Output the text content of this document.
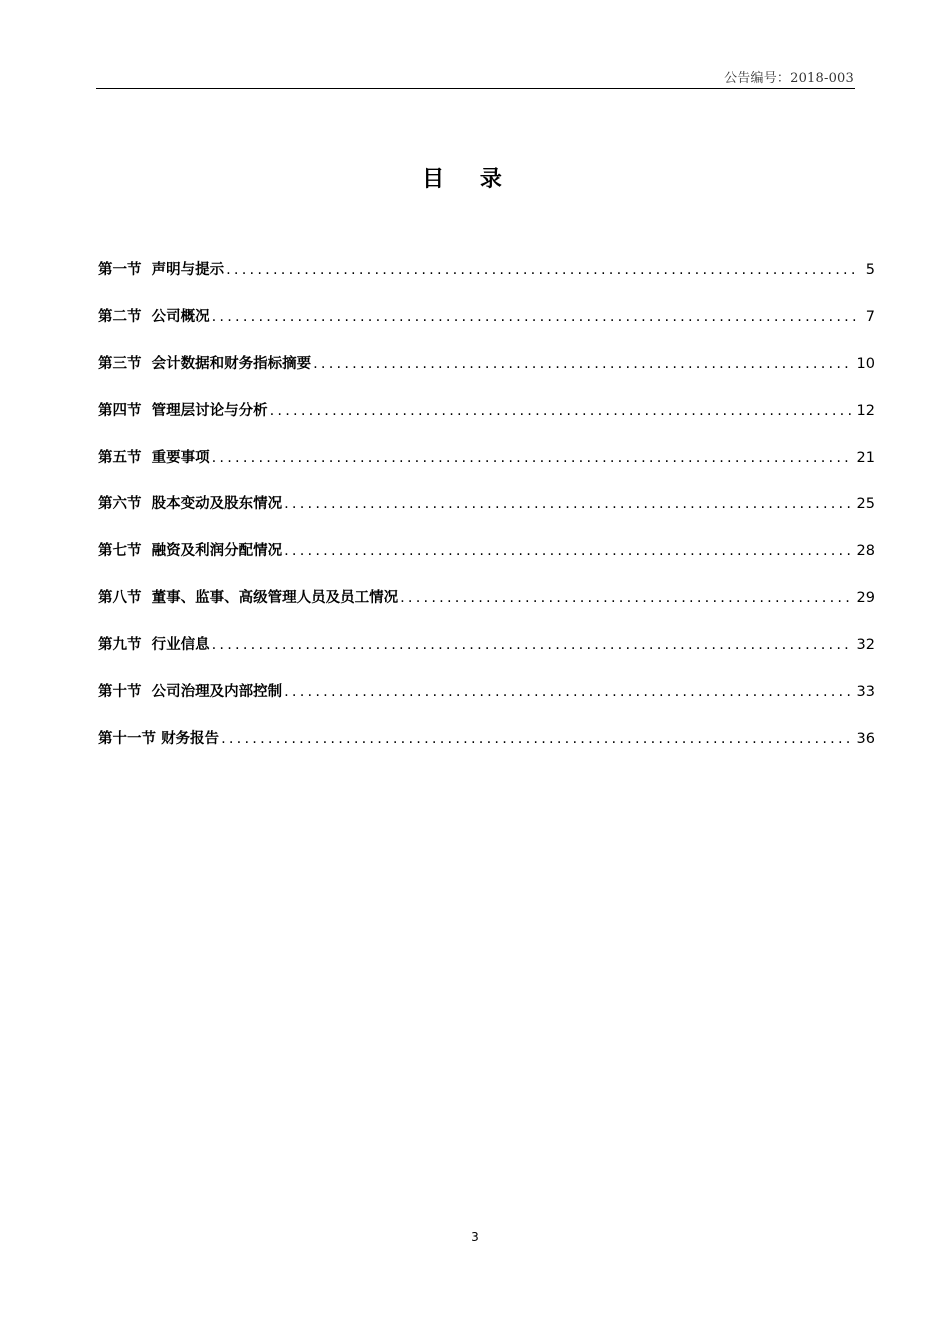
公告编号：2018-003
目 录
第一节 声明与提示 .....	5
第二节 公司概况 .....	7
第三节 会计数据和财务指标摘要 .....	10
第四节 管理层讨论与分析 .....	12
第五节 重要事项 .....	21
第六节 股本变动及股东情况 .....	25
第七节 融资及利润分配情况 .....	28
第八节 董事、监事、高级管理人员及员工情况 .....	29
第九节 行业信息 .....	32
第十节 公司治理及内部控制 .....	33
第十一节 财务报告 .....	36
3
